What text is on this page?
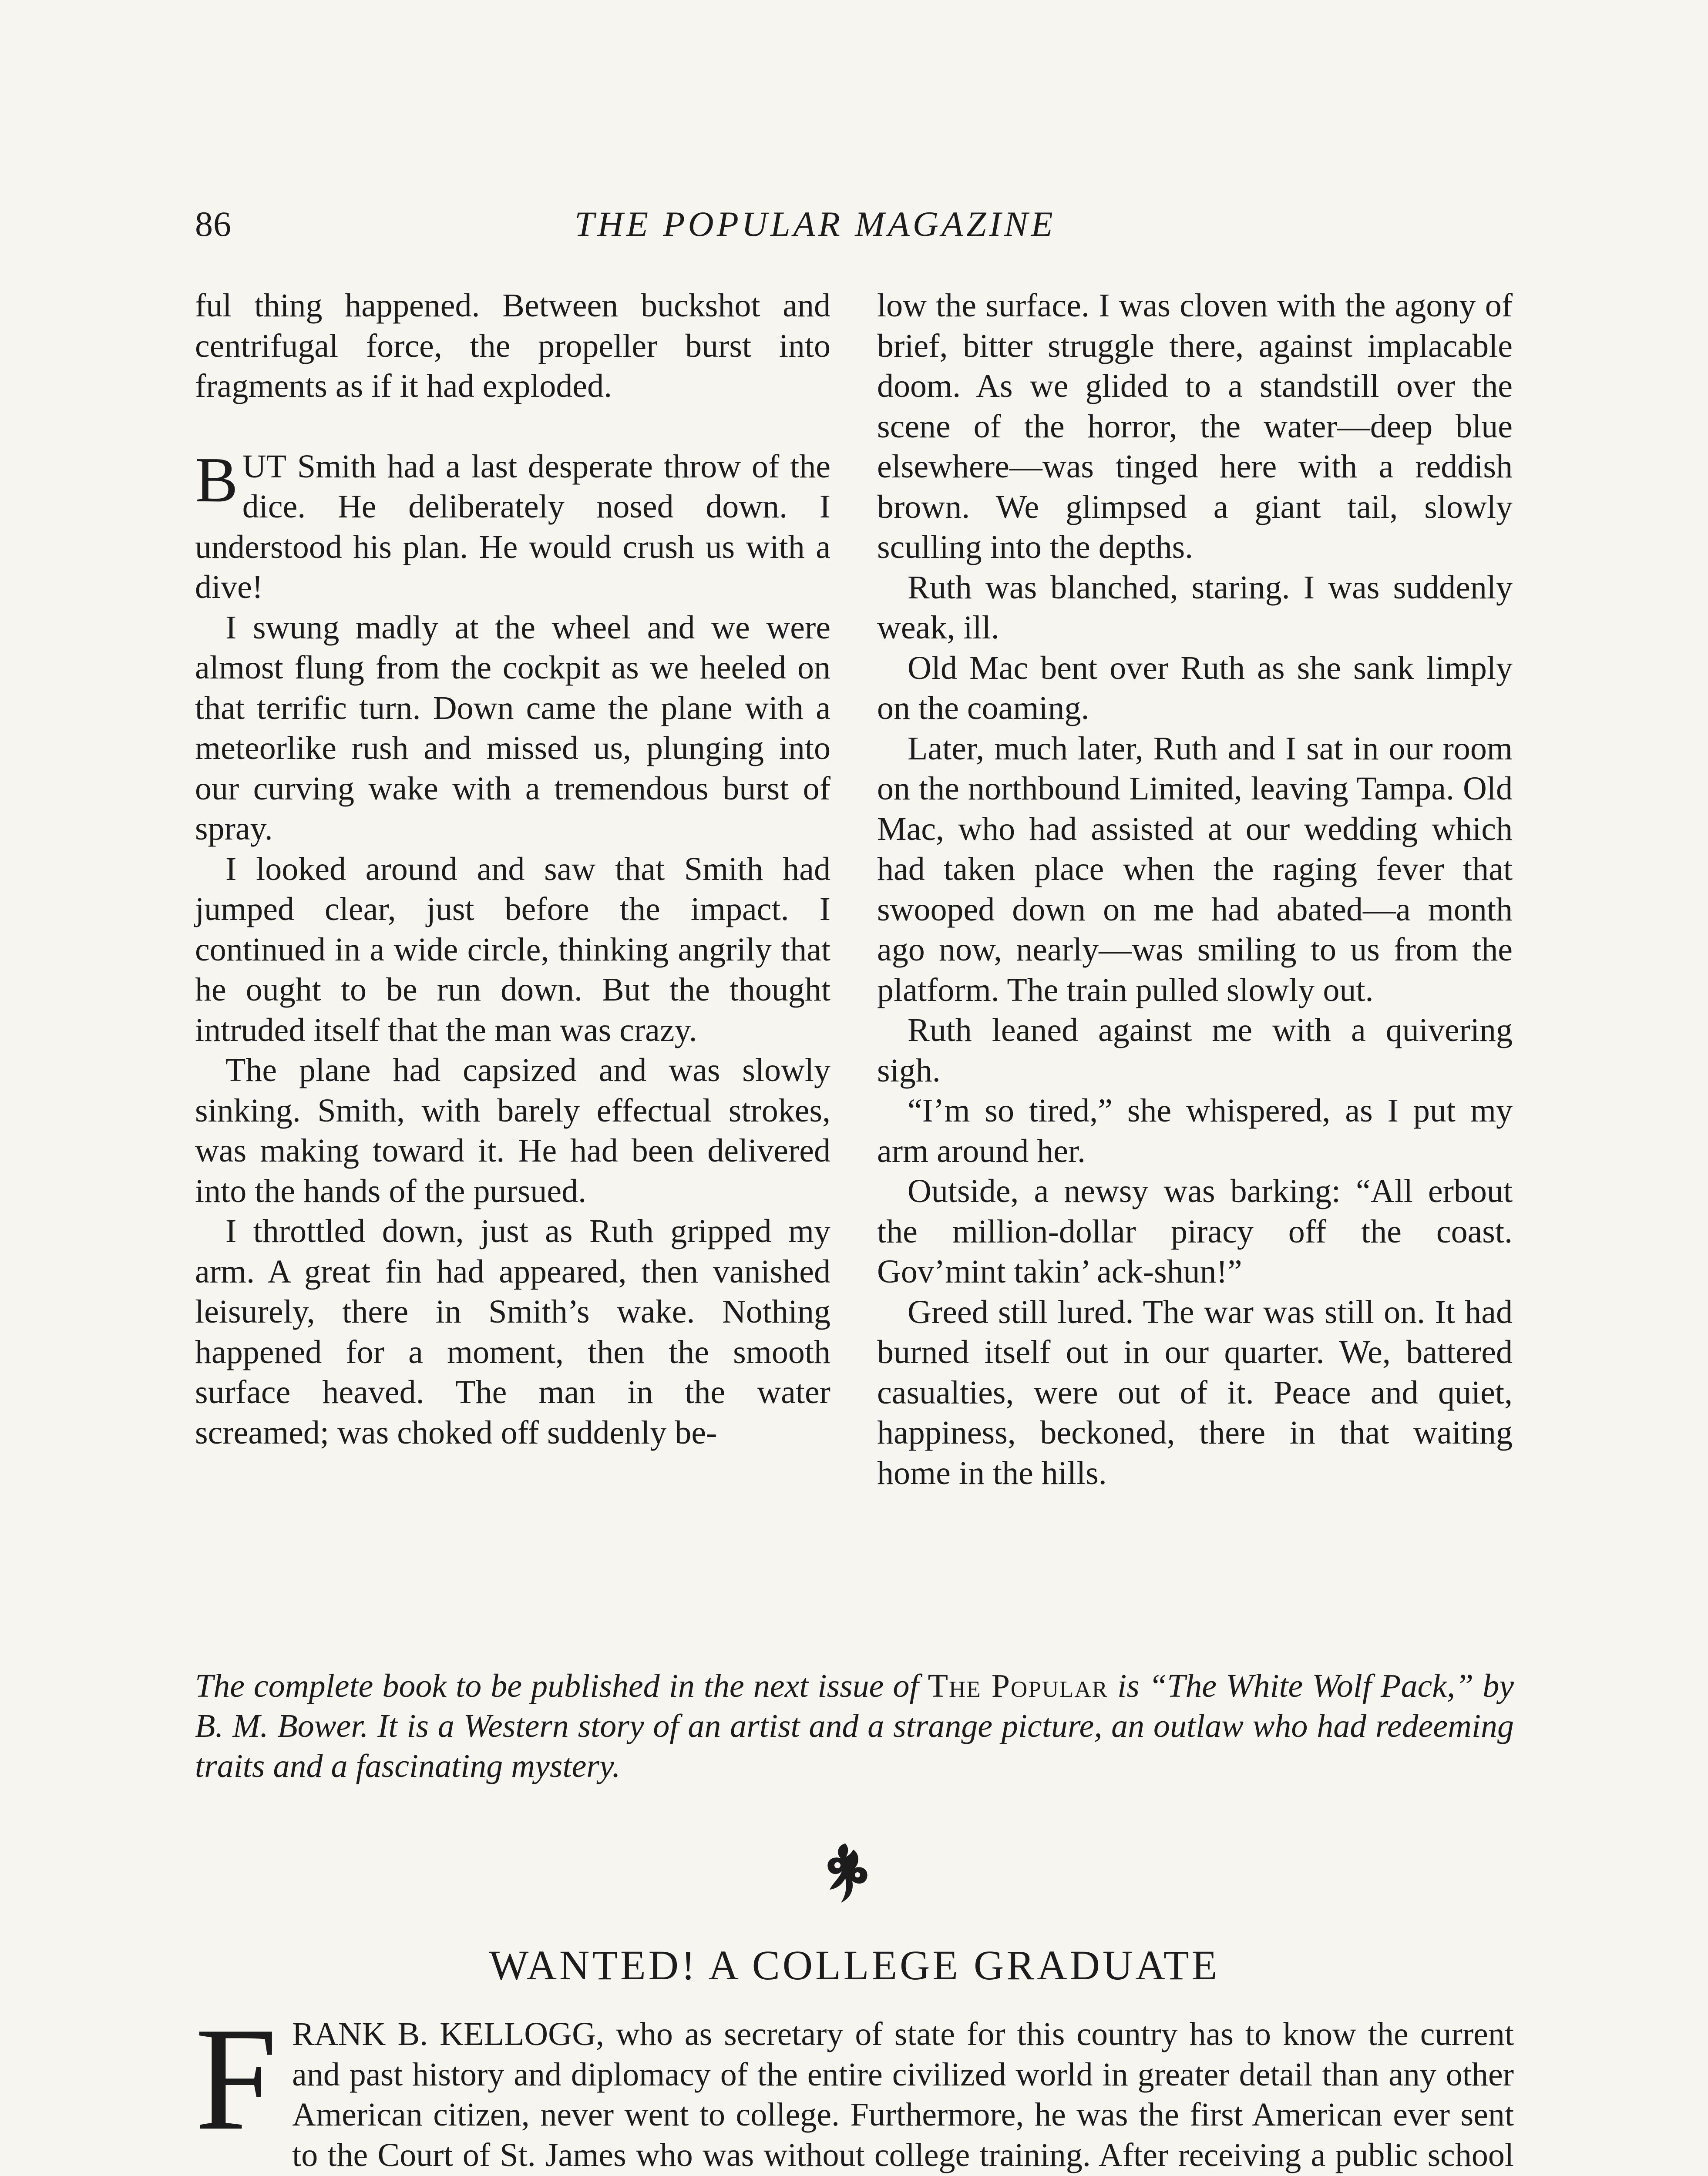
86	THE POPULAR MAGAZINE

ful thing happened. Between buckshot and centrifugal force, the propeller burst into fragments as if it had exploded.

BUT Smith had a last desperate throw of the dice. He deliberately nosed down. I understood his plan. He would crush us with a dive!

I swung madly at the wheel and we were almost flung from the cockpit as we heeled on that terrific turn. Down came the plane with a meteorlike rush and missed us, plunging into our curving wake with a tremendous burst of spray.

I looked around and saw that Smith had jumped clear, just before the impact. I continued in a wide circle, thinking angrily that he ought to be run down. But the thought intruded itself that the man was crazy.

The plane had capsized and was slowly sinking. Smith, with barely effectual strokes, was making toward it. He had been delivered into the hands of the pursued.

I throttled down, just as Ruth gripped my arm. A great fin had appeared, then vanished leisurely, there in Smith’s wake. Nothing happened for a moment, then the smooth surface heaved. The man in the water screamed; was choked off suddenly be-

low the surface. I was cloven with the agony of brief, bitter struggle there, against implacable doom. As we glided to a standstill over the scene of the horror, the water—deep blue elsewhere—was tinged here with a reddish brown. We glimpsed a giant tail, slowly sculling into the depths.

Ruth was blanched, staring. I was suddenly weak, ill.

Old Mac bent over Ruth as she sank limply on the coaming.

Later, much later, Ruth and I sat in our room on the northbound Limited, leaving Tampa. Old Mac, who had assisted at our wedding which had taken place when the raging fever that swooped down on me had abated—a month ago now, nearly—was smiling to us from the platform. The train pulled slowly out.

Ruth leaned against me with a quivering sigh.

“I’m so tired,” she whispered, as I put my arm around her.

Outside, a newsy was barking: “All erbout the million-dollar piracy off the coast. Gov’mint takin’ ack-shun!”

Greed still lured. The war was still on. It had burned itself out in our quarter. We, battered casualties, were out of it. Peace and quiet, happiness, beckoned, there in that waiting home in the hills.

The complete book to be published in the next issue of The Popular is “The White Wolf Pack,” by B. M. Bower. It is a Western story of an artist and a strange picture, an outlaw who had redeeming traits and a fascinating mystery.
WANTED! A COLLEGE GRADUATE

FRANK B. KELLOGG, who as secretary of state for this country has to know the current and past history and diplomacy of the entire civilized world in greater detail than any other American citizen, never went to college. Furthermore, he was the first American ever sent to the Court of St. James who was without college training. After receiving a public school
